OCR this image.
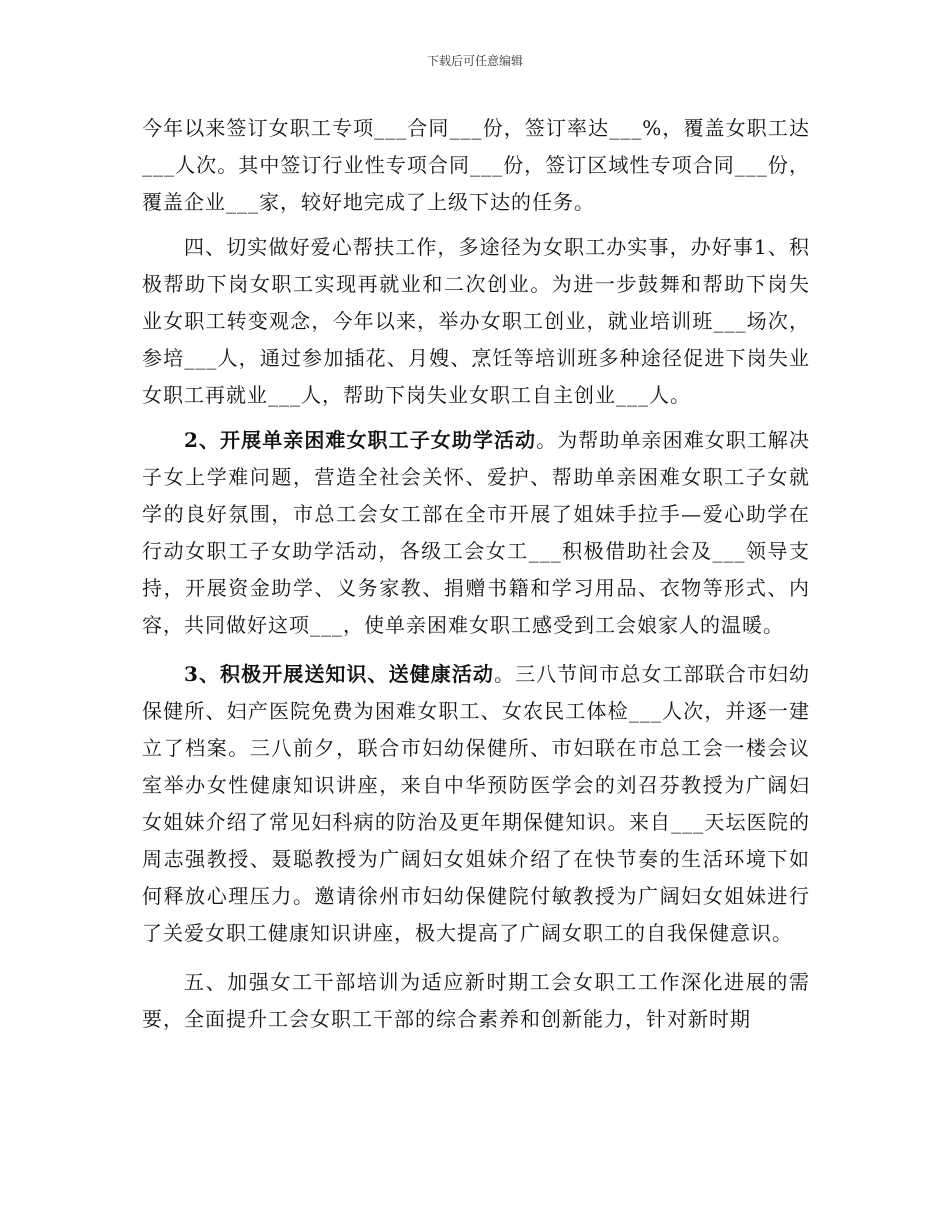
下载后可任意编辑

今年以来签订女职工专项___合同___份，签订率达___%，覆盖女职工达___人次。其中签订行业性专项合同___份，签订区域性专项合同___份，覆盖企业___家，较好地完成了上级下达的任务。

四、切实做好爱心帮扶工作，多途径为女职工办实事，办好事1、积极帮助下岗女职工实现再就业和二次创业。为进一步鼓舞和帮助下岗失业女职工转变观念，今年以来，举办女职工创业，就业培训班___场次，参培___人，通过参加插花、月嫂、烹饪等培训班多种途径促进下岗失业女职工再就业___人，帮助下岗失业女职工自主创业___人。

2、开展单亲困难女职工子女助学活动。为帮助单亲困难女职工解决子女上学难问题，营造全社会关怀、爱护、帮助单亲困难女职工子女就学的良好氛围，市总工会女工部在全市开展了姐妹手拉手—爱心助学在行动女职工子女助学活动，各级工会女工___积极借助社会及___领导支持，开展资金助学、义务家教、捐赠书籍和学习用品、衣物等形式、内容，共同做好这项___，使单亲困难女职工感受到工会娘家人的温暖。

3、积极开展送知识、送健康活动。三八节间市总女工部联合市妇幼保健所、妇产医院免费为困难女职工、女农民工体检___人次，并逐一建立了档案。三八前夕，联合市妇幼保健所、市妇联在市总工会一楼会议室举办女性健康知识讲座，来自中华预防医学会的刘召芬教授为广阔妇女姐妹介绍了常见妇科病的防治及更年期保健知识。来自___天坛医院的周志强教授、聂聪教授为广阔妇女姐妹介绍了在快节奏的生活环境下如何释放心理压力。邀请徐州市妇幼保健院付敏教授为广阔妇女姐妹进行了关爱女职工健康知识讲座，极大提高了广阔女职工的自我保健意识。

五、加强女工干部培训为适应新时期工会女职工工作深化进展的需要，全面提升工会女职工干部的综合素养和创新能力，针对新时期
